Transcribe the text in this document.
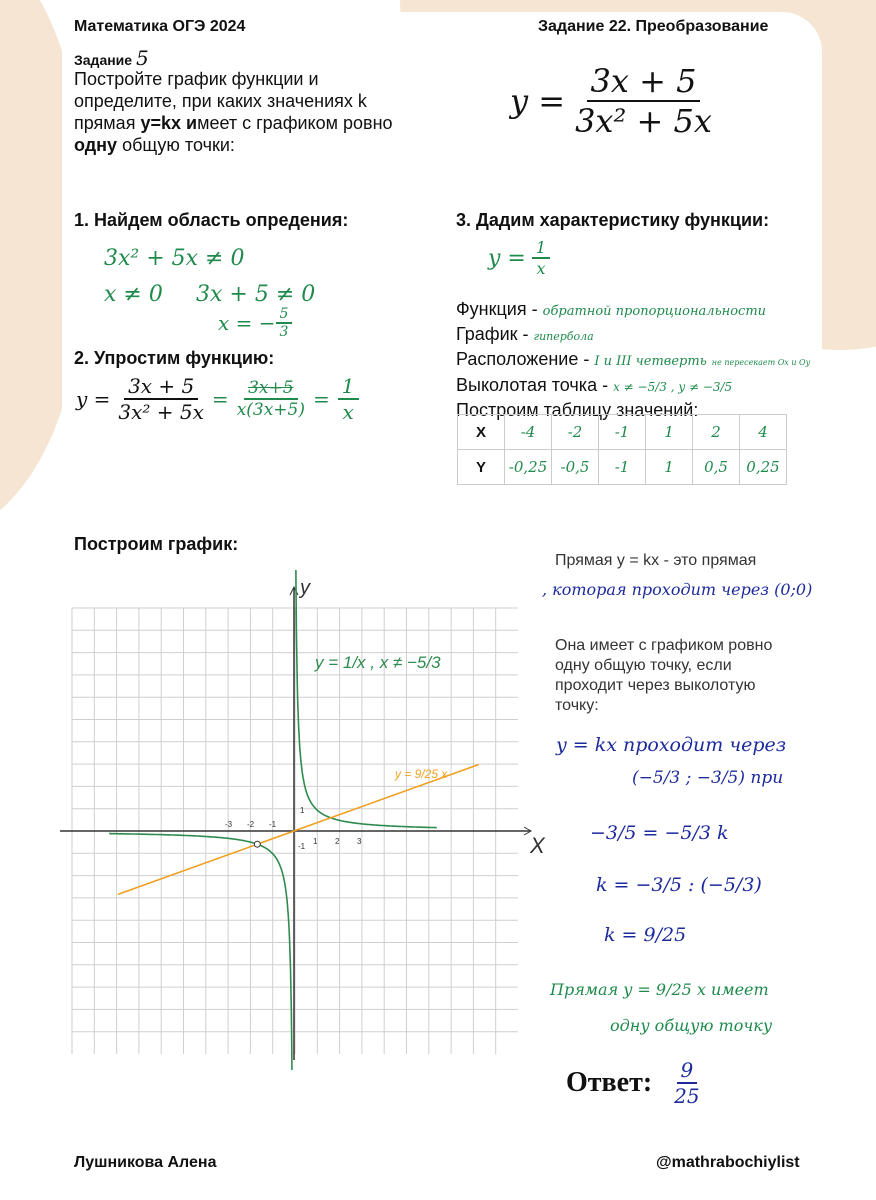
Математика ОГЭ 2024	Задание 22. Преобразование
Задание 5
Постройте график функции и определите, при каких значениях k прямая y=kx имеет с графиком ровно одну общую точки:
$y = \frac{3x + 5}{\text{3x² + 5x}}$
1. Найдем область опредения:
3x² + 5x ≠ 0
x ≠ 0 3x + 5 ≠ 0
x = − $\frac{5}{3}$
2. Упростим функцию:
$y = \frac{3x + 5}{\text{3x² + 5x}} = \frac{3x+5}{x(3x+5)} = \frac{1}{x}$
3. Дадим характеристику функции:
$y = \frac{1}{x}$
Функция - обратной пропорциональности
График - гипербола
Расположение - I и III четверть не пересекает Ox и Oy
Выколотая точка - x ≠ −5/3 , y ≠ −3/5
Построим таблицу значений:
X	-4	-2	-1	1	2	4
Y	-0,25	-0,5	-1	1	0,5	0,25
Построим график:
X
y
-3 -2 -1
1 2 3
1
-1
y = 1/x , x ≠ −5/3
y = 9/25 x
Прямая y = kx - это прямая
, которая проходит через (0;0)
Она имеет с графиком ровно одну общую точку, если проходит через выколотую точку:
y = kx проходит через
(−5/3 ; −3/5) при
−3/5 = −5/3 k
k = −3/5 : (−5/3)
k = 9/25
Прямая y = 9/25 x имеет
одну общую точку
Ответ: $\frac{9}{25}$
Лушникова Алена	@mathrabochiylist
